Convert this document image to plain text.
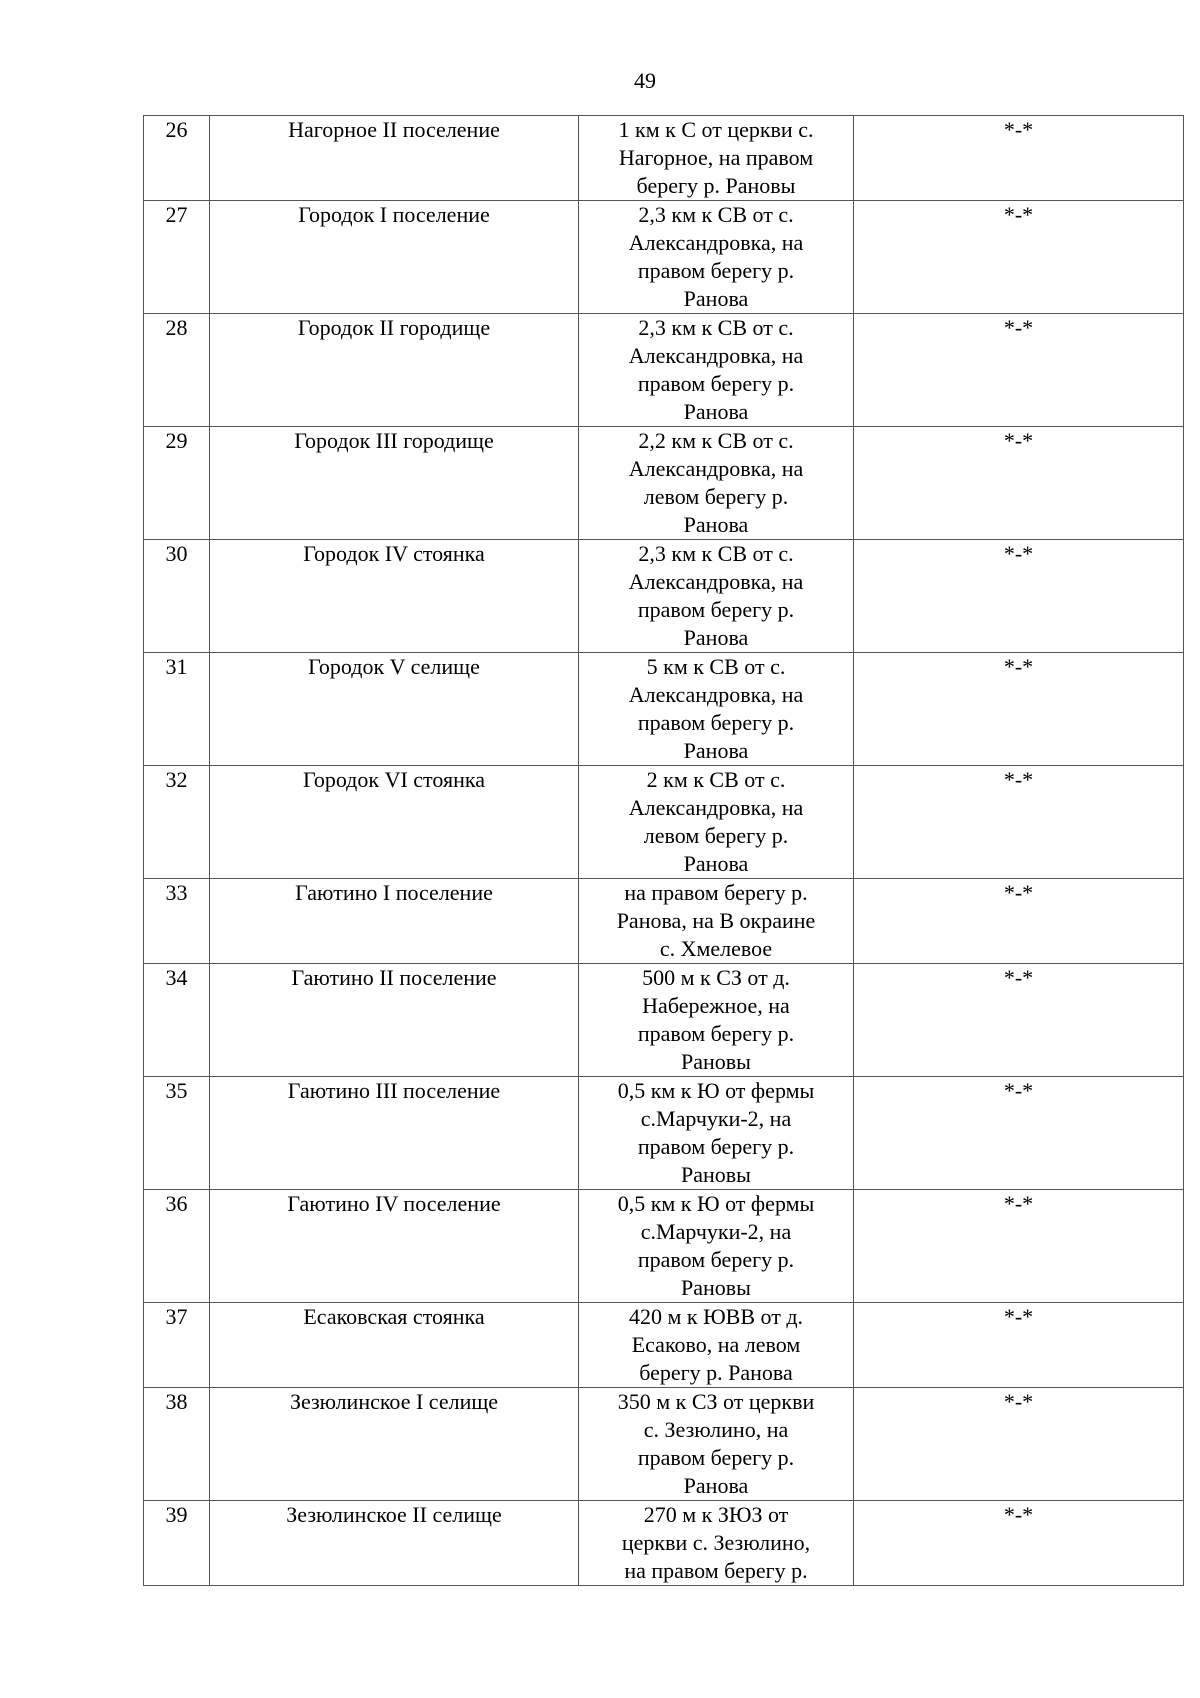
49
26	Нагорное II поселение	1 км к С от церкви с.
Нагорное, на правом
берегу р. Рановы	*-*

27	Городок I поселение	2,3 км к СВ от с.
Александровка, на
правом берегу р.
Ранова	*-*

28	Городок II городище	2,3 км к СВ от с.
Александровка, на
правом берегу р.
Ранова	*-*

29	Городок III городище	2,2 км к СВ от с.
Александровка, на
левом берегу р.
Ранова	*-*

30	Городок IV стоянка	2,3 км к СВ от с.
Александровка, на
правом берегу р.
Ранова	*-*

31	Городок V селище	5 км к СВ от с.
Александровка, на
правом берегу р.
Ранова	*-*

32	Городок VI стоянка	2 км к СВ от с.
Александровка, на
левом берегу р.
Ранова	*-*

33	Гаютино I поселение	на правом берегу р.
Ранова, на В окраине
с. Хмелевое	*-*

34	Гаютино II поселение	500 м к СЗ от д.
Набережное, на
правом берегу р.
Рановы	*-*

35	Гаютино III поселение	0,5 км к Ю от фермы
с.Марчуки-2, на
правом берегу р.
Рановы	*-*

36	Гаютино IV поселение	0,5 км к Ю от фермы
с.Марчуки-2, на
правом берегу р.
Рановы	*-*

37	Есаковская стоянка	420 м к ЮВВ от д.
Есаково, на левом
берегу р. Ранова	*-*

38	Зезюлинское I селище	350 м к СЗ от церкви
с. Зезюлино, на
правом берегу р.
Ранова	*-*

39	Зезюлинское II селище	270 м к ЗЮЗ от
церкви с. Зезюлино,
на правом берегу р.	*-*
